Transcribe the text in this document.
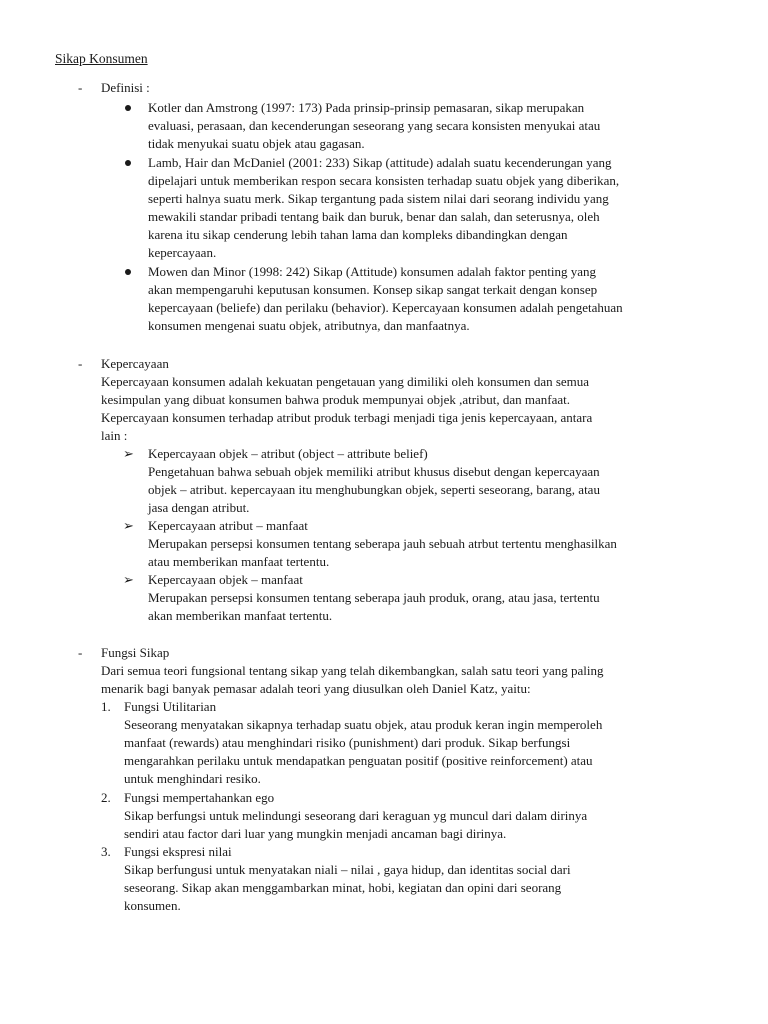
Sikap Konsumen
- Definisi :
Kotler dan Amstrong (1997: 173) Pada prinsip-prinsip pemasaran, sikap merupakan
evaluasi, perasaan, dan kecenderungan seseorang yang secara konsisten menyukai atau
tidak menyukai suatu objek atau gagasan.
Lamb, Hair dan McDaniel (2001: 233) Sikap (attitude) adalah suatu kecenderungan yang
dipelajari untuk memberikan respon secara konsisten terhadap suatu objek yang diberikan,
seperti halnya suatu merk. Sikap tergantung pada sistem nilai dari seorang individu yang
mewakili standar pribadi tentang baik dan buruk, benar dan salah, dan seterusnya, oleh
karena itu sikap cenderung lebih tahan lama dan kompleks dibandingkan dengan
kepercayaan.
Mowen dan Minor (1998: 242) Sikap (Attitude) konsumen adalah faktor penting yang
akan mempengaruhi keputusan konsumen. Konsep sikap sangat terkait dengan konsep
kepercayaan (beliefe) dan perilaku (behavior). Kepercayaan konsumen adalah pengetahuan
konsumen mengenai suatu objek, atributnya, dan manfaatnya.
- Kepercayaan
Kepercayaan konsumen adalah kekuatan pengetauan yang dimiliki oleh konsumen dan semua
kesimpulan yang dibuat konsumen bahwa produk mempunyai objek ,atribut, dan manfaat.
Kepercayaan konsumen terhadap atribut produk terbagi menjadi tiga jenis kepercayaan, antara
lain :
➢ Kepercayaan objek – atribut (object – attribute belief)
Pengetahuan bahwa sebuah objek memiliki atribut khusus disebut dengan kepercayaan
objek – atribut. kepercayaan itu menghubungkan objek, seperti seseorang, barang, atau
jasa dengan atribut.
➢ Kepercayaan atribut – manfaat
Merupakan persepsi konsumen tentang seberapa jauh sebuah atrbut tertentu menghasilkan
atau memberikan manfaat tertentu.
➢ Kepercayaan objek – manfaat
Merupakan persepsi konsumen tentang seberapa jauh produk, orang, atau jasa, tertentu
akan memberikan manfaat tertentu.
- Fungsi Sikap
Dari semua teori fungsional tentang sikap yang telah dikembangkan, salah satu teori yang paling
menarik bagi banyak pemasar adalah teori yang diusulkan oleh Daniel Katz, yaitu:
1. Fungsi Utilitarian
Seseorang menyatakan sikapnya terhadap suatu objek, atau produk keran ingin memperoleh
manfaat (rewards) atau menghindari risiko (punishment) dari produk. Sikap berfungsi
mengarahkan perilaku untuk mendapatkan penguatan positif (positive reinforcement) atau
untuk menghindari resiko.
2. Fungsi mempertahankan ego
Sikap berfungsi untuk melindungi seseorang dari keraguan yg muncul dari dalam dirinya
sendiri atau factor dari luar yang mungkin menjadi ancaman bagi dirinya.
3. Fungsi ekspresi nilai
Sikap berfungusi untuk menyatakan niali – nilai , gaya hidup, dan identitas social dari
seseorang. Sikap akan menggambarkan minat, hobi, kegiatan dan opini dari seorang
konsumen.
